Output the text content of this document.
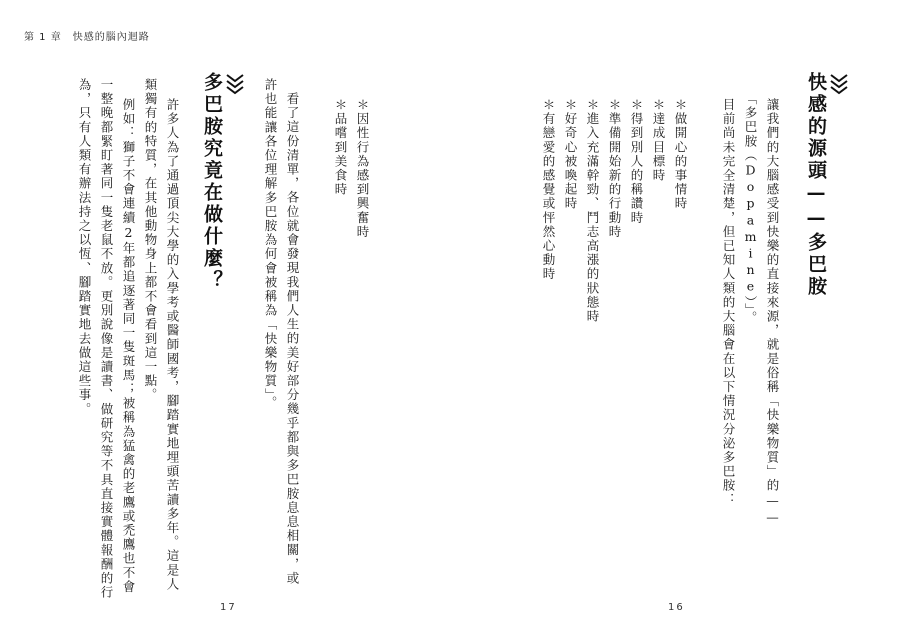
第 1 章　快感的腦內迴路
＊因性行為感到興奮時
＊品嚐到美食時
看了這份清單，各位就會發現我們人生的美好部分幾乎都與多巴胺息息相關，或
許也能讓各位理解多巴胺為何會被稱為「快樂物質」。
多巴胺究竟在做什麼？
許多人為了通過頂尖大學的入學考或醫師國考，腳踏實地埋頭苦讀多年。這是人
類獨有的特質，在其他動物身上都不會看到這一點。
例如：獅子不會連續2年都追逐著同一隻斑馬；被稱為猛禽的老鷹或禿鷹也不會
一整晚都緊盯著同一隻老鼠不放。更別說像是讀書、做研究等不具直接實體報酬的行
為，只有人類有辦法持之以恆、腳踏實地去做這些事。
17
快感的源頭——多巴胺
讓我們的大腦感受到快樂的直接來源，就是俗稱「快樂物質」的——
「多巴胺（Dopamine）」。
目前尚未完全清楚，但已知人類的大腦會在以下情況分泌多巴胺：
＊做開心的事情時
＊達成目標時
＊得到別人的稱讚時
＊準備開始新的行動時
＊進入充滿幹勁、鬥志高漲的狀態時
＊好奇心被喚起時
＊有戀愛的感覺或怦然心動時
16
